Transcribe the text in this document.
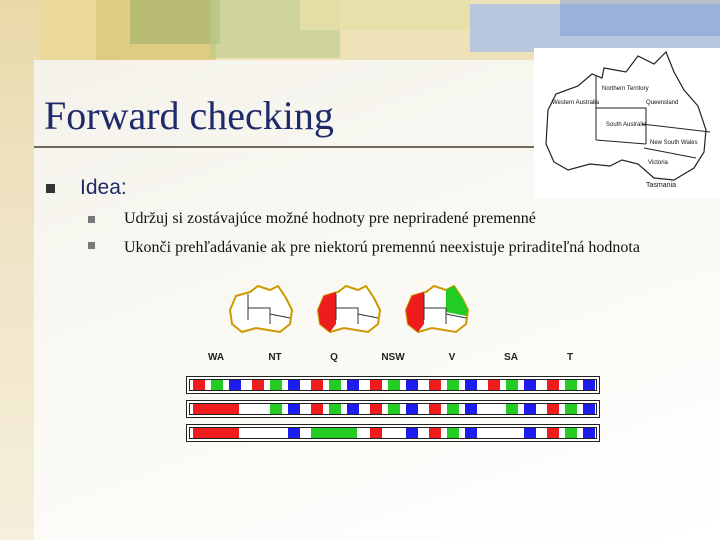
Forward checking
Idea:
Udržuj si zostávajúce možné hodnoty pre nepriradené premenné
Ukonči prehľadávanie ak pre niektorú premennú neexistuje priraditeľná hodnota
Northern Territory
Western Australia	Queensland
South Australia
New South Wales
Victoria
Tasmania
WA	NT	Q	NSW	V	SA	T
